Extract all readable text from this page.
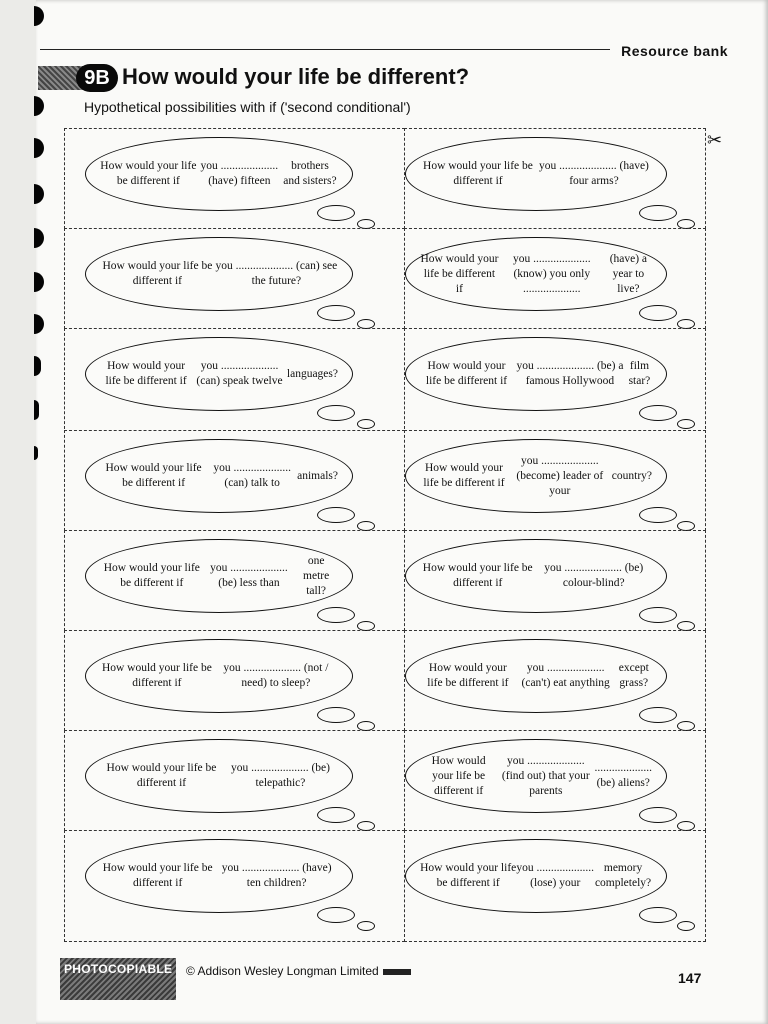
Resource bank
9B How would your life be different?
Hypothetical possibilities with if ('second conditional')
✂
How would your life be different if
you .................... (have) fifteen
brothers and sisters?
How would your life be different if
you .................... (have) four arms?
How would your life be different if
you .................... (can) see the future?
How would your life be different if
you .................... (know) you only ....................
(have) a year to live?
How would your life be different if
you .................... (can) speak twelve
languages?
How would your life be different if
you .................... (be) a famous Hollywood
film star?
How would your life be different if
you .................... (can) talk to
animals?
How would your life be different if
you .................... (become) leader of your
country?
How would your life be different if
you .................... (be) less than
one metre tall?
How would your life be different if
you .................... (be) colour-blind?
How would your life be different if
you .................... (not / need) to sleep?
How would your life be different if
you .................... (can't) eat anything
except grass?
How would your life be different if
you .................... (be) telepathic?
How would your life be different if
you .................... (find out) that your parents
.................... (be) aliens?
How would your life be different if
you .................... (have) ten children?
How would your life be different if
you .................... (lose) your
memory completely?
PHOTOCOPIABLE © Addison Wesley Longman Limited	147
